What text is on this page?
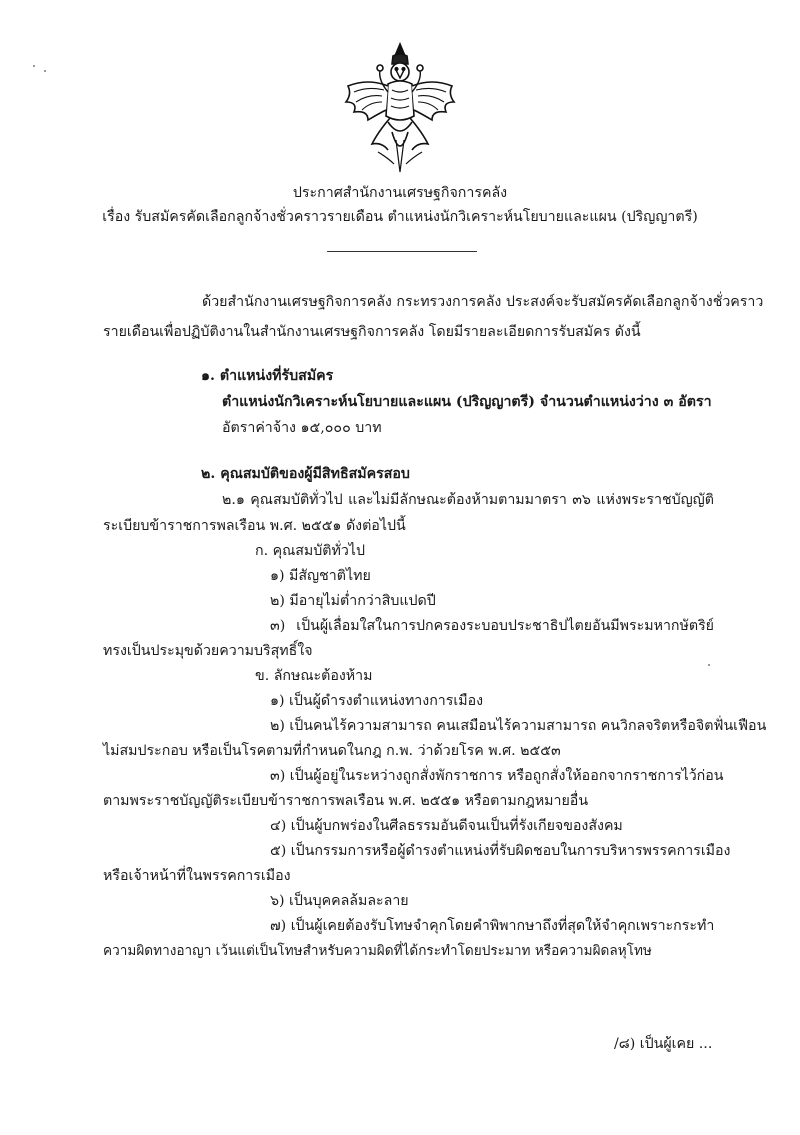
ประกาศสำนักงานเศรษฐกิจการคลัง
เรื่อง รับสมัครคัดเลือกลูกจ้างชั่วคราวรายเดือน ตำแหน่งนักวิเคราะห์นโยบายและแผน (ปริญญาตรี)
ด้วยสำนักงานเศรษฐกิจการคลัง กระทรวงการคลัง ประสงค์จะรับสมัครคัดเลือกลูกจ้างชั่วคราว
รายเดือนเพื่อปฏิบัติงานในสำนักงานเศรษฐกิจการคลัง โดยมีรายละเอียดการรับสมัคร ดังนี้
๑. ตำแหน่งที่รับสมัคร
ตำแหน่งนักวิเคราะห์นโยบายและแผน (ปริญญาตรี) จำนวนตำแหน่งว่าง ๓ อัตรา
อัตราค่าจ้าง ๑๕,๐๐๐ บาท
๒. คุณสมบัติของผู้มีสิทธิสมัครสอบ
๒.๑ คุณสมบัติทั่วไป และไม่มีลักษณะต้องห้ามตามมาตรา ๓๖ แห่งพระราชบัญญัติ
ระเบียบข้าราชการพลเรือน พ.ศ. ๒๕๕๑ ดังต่อไปนี้
ก. คุณสมบัติทั่วไป
๑) มีสัญชาติไทย
๒) มีอายุไม่ต่ำกว่าสิบแปดปี
๓) เป็นผู้เลื่อมใสในการปกครองระบอบประชาธิปไตยอันมีพระมหากษัตริย์
ทรงเป็นประมุขด้วยความบริสุทธิ์ใจ
ข. ลักษณะต้องห้าม
๑) เป็นผู้ดำรงตำแหน่งทางการเมือง
๒) เป็นคนไร้ความสามารถ คนเสมือนไร้ความสามารถ คนวิกลจริตหรือจิตฟั่นเฟือน
ไม่สมประกอบ หรือเป็นโรคตามที่กำหนดในกฎ ก.พ. ว่าด้วยโรค พ.ศ. ๒๕๕๓
๓) เป็นผู้อยู่ในระหว่างถูกสั่งพักราชการ หรือถูกสั่งให้ออกจากราชการไว้ก่อน
ตามพระราชบัญญัติระเบียบข้าราชการพลเรือน พ.ศ. ๒๕๕๑ หรือตามกฎหมายอื่น
๔) เป็นผู้บกพร่องในศีลธรรมอันดีจนเป็นที่รังเกียจของสังคม
๕) เป็นกรรมการหรือผู้ดำรงตำแหน่งที่รับผิดชอบในการบริหารพรรคการเมือง
หรือเจ้าหน้าที่ในพรรคการเมือง
๖) เป็นบุคคลล้มละลาย
๗) เป็นผู้เคยต้องรับโทษจำคุกโดยคำพิพากษาถึงที่สุดให้จำคุกเพราะกระทำ
ความผิดทางอาญา เว้นแต่เป็นโทษสำหรับความผิดที่ได้กระทำโดยประมาท หรือความผิดลหุโทษ
/๘) เป็นผู้เคย ...
